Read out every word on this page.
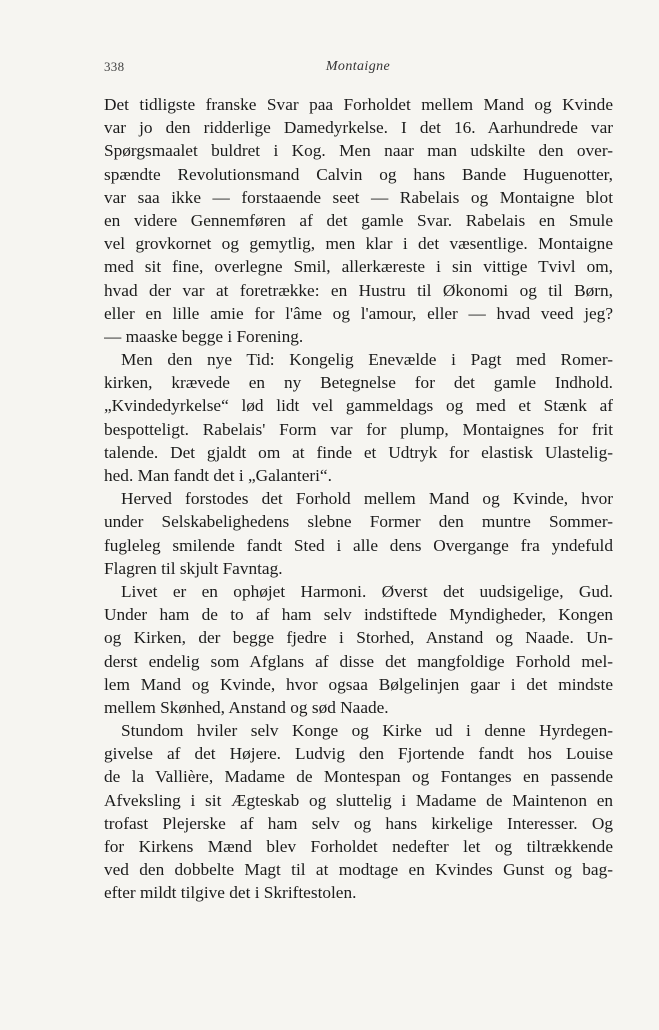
338	Montaigne
Det tidligste franske Svar paa Forholdet mellem Mand og Kvinde
var jo den ridderlige Damedyrkelse. I det 16. Aarhundrede var
Spørgsmaalet buldret i Kog. Men naar man udskilte den over-
spændte Revolutionsmand Calvin og hans Bande Huguenotter,
var saa ikke — forstaaende seet — Rabelais og Montaigne blot
en videre Gennemføren af det gamle Svar. Rabelais en Smule
vel grovkornet og gemytlig, men klar i det væsentlige. Montaigne
med sit fine, overlegne Smil, allerkæreste i sin vittige Tvivl om,
hvad der var at foretrække: en Hustru til Økonomi og til Børn,
eller en lille amie for l'âme og l'amour, eller — hvad veed jeg?
— maaske begge i Forening.
Men den nye Tid: Kongelig Enevælde i Pagt med Romer-
kirken, krævede en ny Betegnelse for det gamle Indhold.
„Kvindedyrkelse“ lød lidt vel gammeldags og med et Stænk af
bespotteligt. Rabelais' Form var for plump, Montaignes for frit
talende. Det gjaldt om at finde et Udtryk for elastisk Ulastelig-
hed. Man fandt det i „Galanteri“.
Herved forstodes det Forhold mellem Mand og Kvinde, hvor
under Selskabelighedens slebne Former den muntre Sommer-
fugleleg smilende fandt Sted i alle dens Overgange fra yndefuld
Flagren til skjult Favntag.
Livet er en ophøjet Harmoni. Øverst det uudsigelige, Gud.
Under ham de to af ham selv indstiftede Myndigheder, Kongen
og Kirken, der begge fjedre i Storhed, Anstand og Naade. Un-
derst endelig som Afglans af disse det mangfoldige Forhold mel-
lem Mand og Kvinde, hvor ogsaa Bølgelinjen gaar i det mindste
mellem Skønhed, Anstand og sød Naade.
Stundom hviler selv Konge og Kirke ud i denne Hyrdegen-
givelse af det Højere. Ludvig den Fjortende fandt hos Louise
de la Vallière, Madame de Montespan og Fontanges en passende
Afveksling i sit Ægteskab og sluttelig i Madame de Maintenon en
trofast Plejerske af ham selv og hans kirkelige Interesser. Og
for Kirkens Mænd blev Forholdet nedefter let og tiltrækkende
ved den dobbelte Magt til at modtage en Kvindes Gunst og bag-
efter mildt tilgive det i Skriftestolen.
